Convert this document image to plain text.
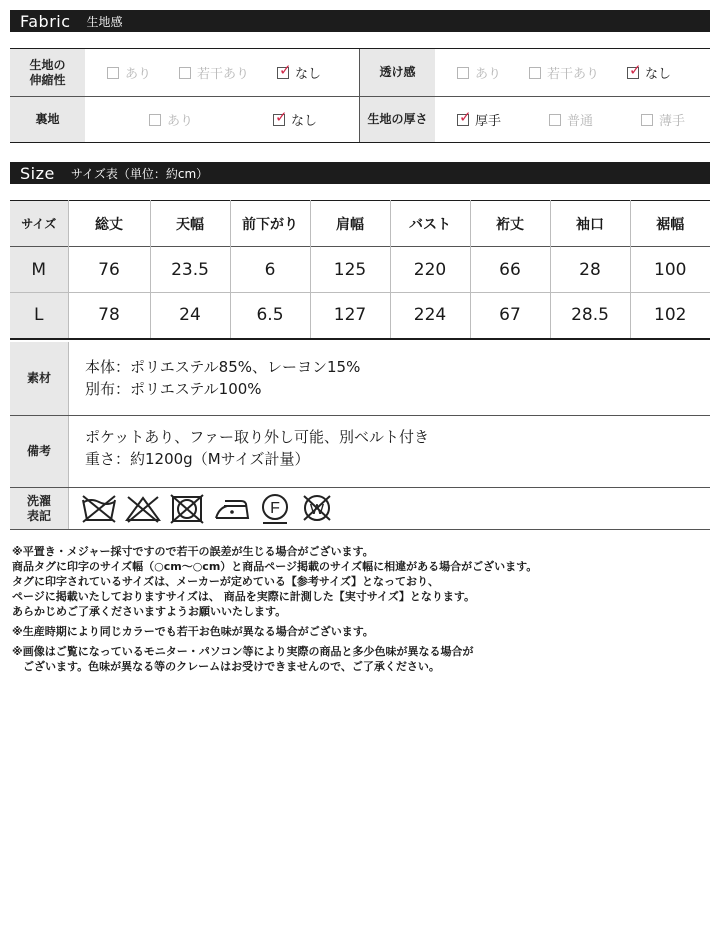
Fabric 生地感
生地の
伸縮性	あり	若干あり ✓ なし	透け感	あり	若干あり ✓ なし
裏地	あり	✓ なし	生地の厚さ	✓ 厚手	普通	薄手
Size サイズ表（単位：約cm）
サイズ	総丈	天幅	前下がり	肩幅	バスト	裄丈	袖口	裾幅
M	76	23.5	6	125	220	66	28	100
L	78	24	6.5	127	224	67	28.5	102
素材
本体：ポリエステル85%、レーヨン15%
別布：ポリエステル100%
備考
ポケットあり、ファー取り外し可能、別ベルト付き
重さ：約1200g（Mサイズ計量）
洗濯
表記	F W

※平置き・メジャー採寸ですので若干の誤差が生じる場合がございます。

商品タグに印字のサイズ幅（○cm〜○cm）と商品ページ掲載のサイズ幅に相違がある場合がございます。

タグに印字されているサイズは、メーカーが定めている【参考サイズ】となっており、

ページに掲載いたしておりますサイズは、 商品を実際に計測した【実寸サイズ】となります。

あらかじめご了承くださいますようお願いいたします。

※生産時期により同じカラーでも若干お色味が異なる場合がございます。

※画像はご覧になっているモニター・パソコン等により実際の商品と多少色味が異なる場合が

　ございます。色味が異なる等のクレームはお受けできませんので、ご了承ください。
